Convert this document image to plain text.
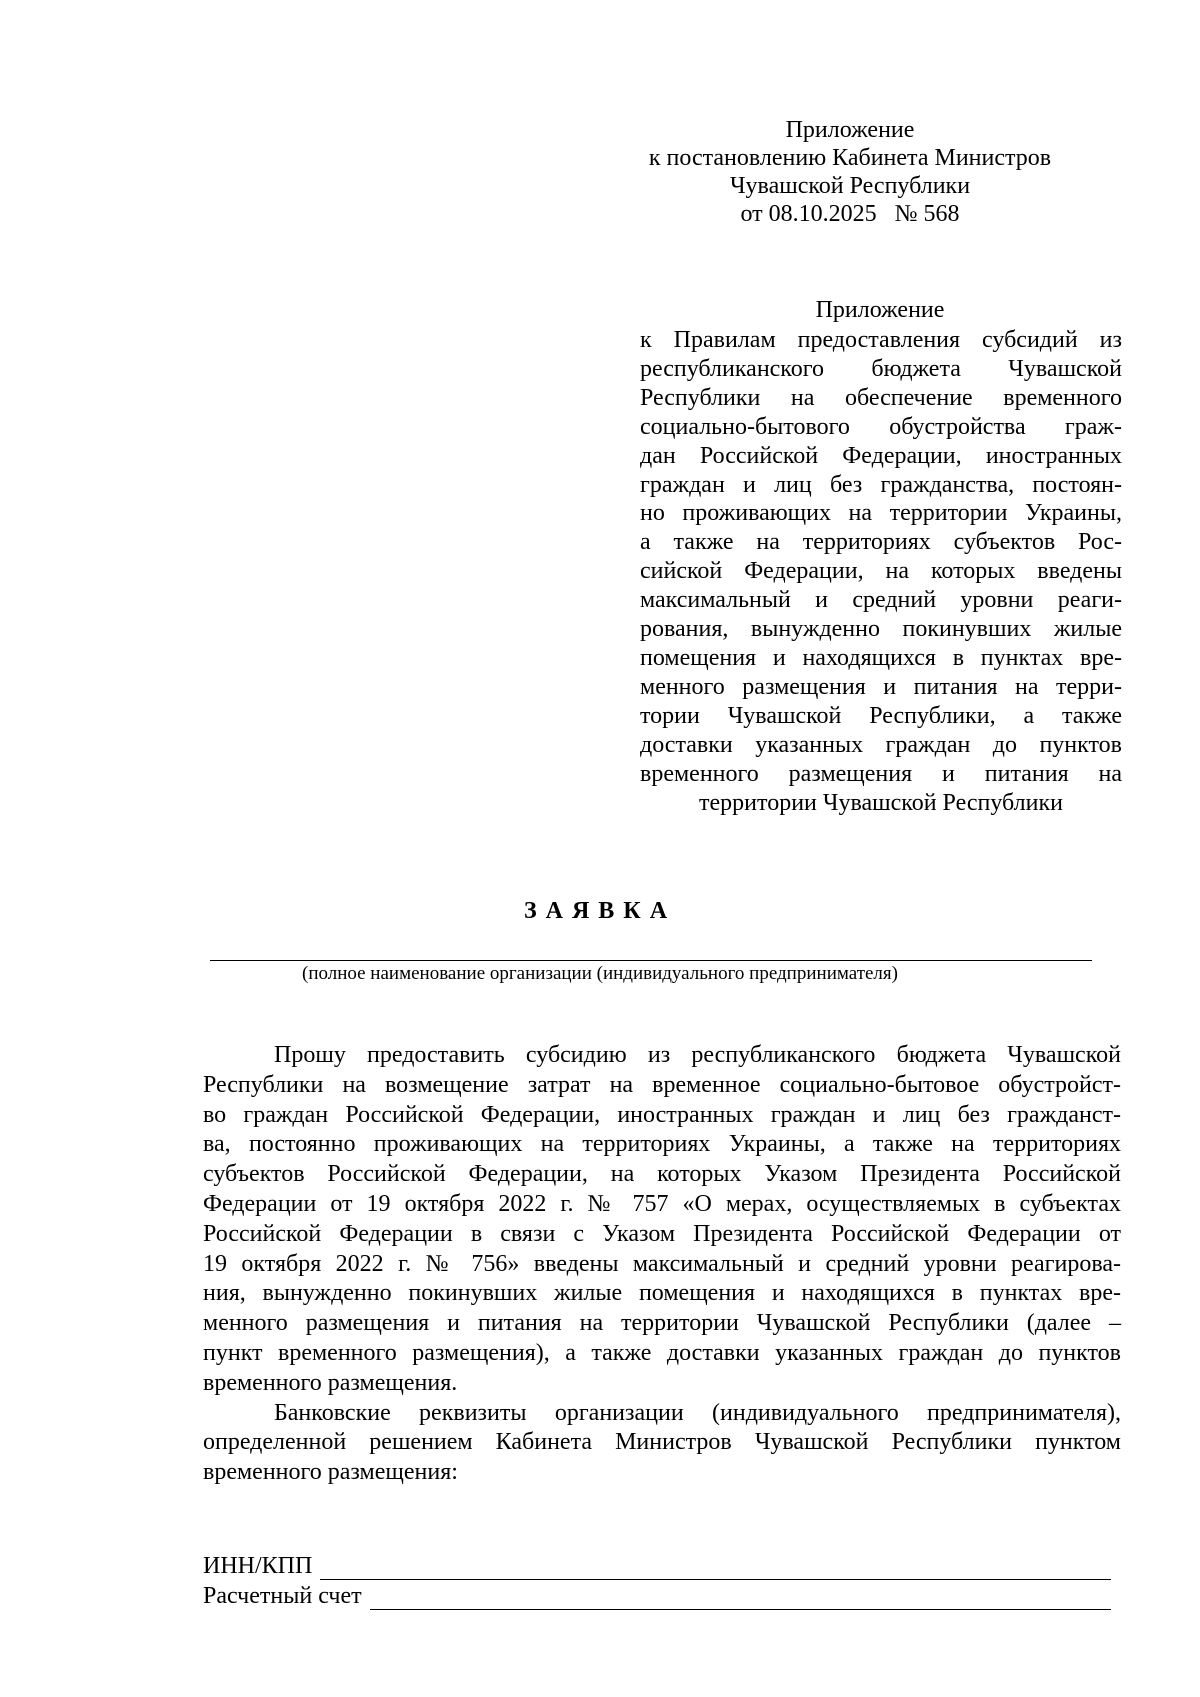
Приложение
к постановлению Кабинета Министров
Чувашской Республики
от 08.10.2025   № 568
Приложение
к Правилам предоставления субсидий из
республиканского бюджета Чувашской
Республики на обеспечение временного
социально-бытового обустройства граж-
дан Российской Федерации, иностранных
граждан и лиц без гражданства, постоян-
но проживающих на территории Украины,
а также на территориях субъектов Рос-
сийской Федерации, на которых введены
максимальный и средний уровни реаги-
рования, вынужденно покинувших жилые
помещения и находящихся в пунктах вре-
менного размещения и питания на терри-
тории Чувашской Республики, а также
доставки указанных граждан до пунктов
временного размещения и питания на
территории Чувашской Республики
ЗАЯВКА
(полное наименование организации (индивидуального предпринимателя)
Прошу предоставить субсидию из республиканского бюджета Чувашской
Республики на возмещение затрат на временное социально-бытовое обустройст-
во граждан Российской Федерации, иностранных граждан и лиц без гражданст-
ва, постоянно проживающих на территориях Украины, а также на территориях
субъектов Российской Федерации, на которых Указом Президента Российской
Федерации от 19 октября 2022 г. № 757 «О мерах, осуществляемых в субъектах
Российской Федерации в связи с Указом Президента Российской Федерации от
19 октября 2022 г. № 756» введены максимальный и средний уровни реагирова-
ния, вынужденно покинувших жилые помещения и находящихся в пунктах вре-
менного размещения и питания на территории Чувашской Республики (далее –
пункт временного размещения), а также доставки указанных граждан до пунктов
временного размещения.
Банковские реквизиты организации (индивидуального предпринимателя),
определенной решением Кабинета Министров Чувашской Республики пунктом
временного размещения:
ИНН/КПП
Расчетный счет
